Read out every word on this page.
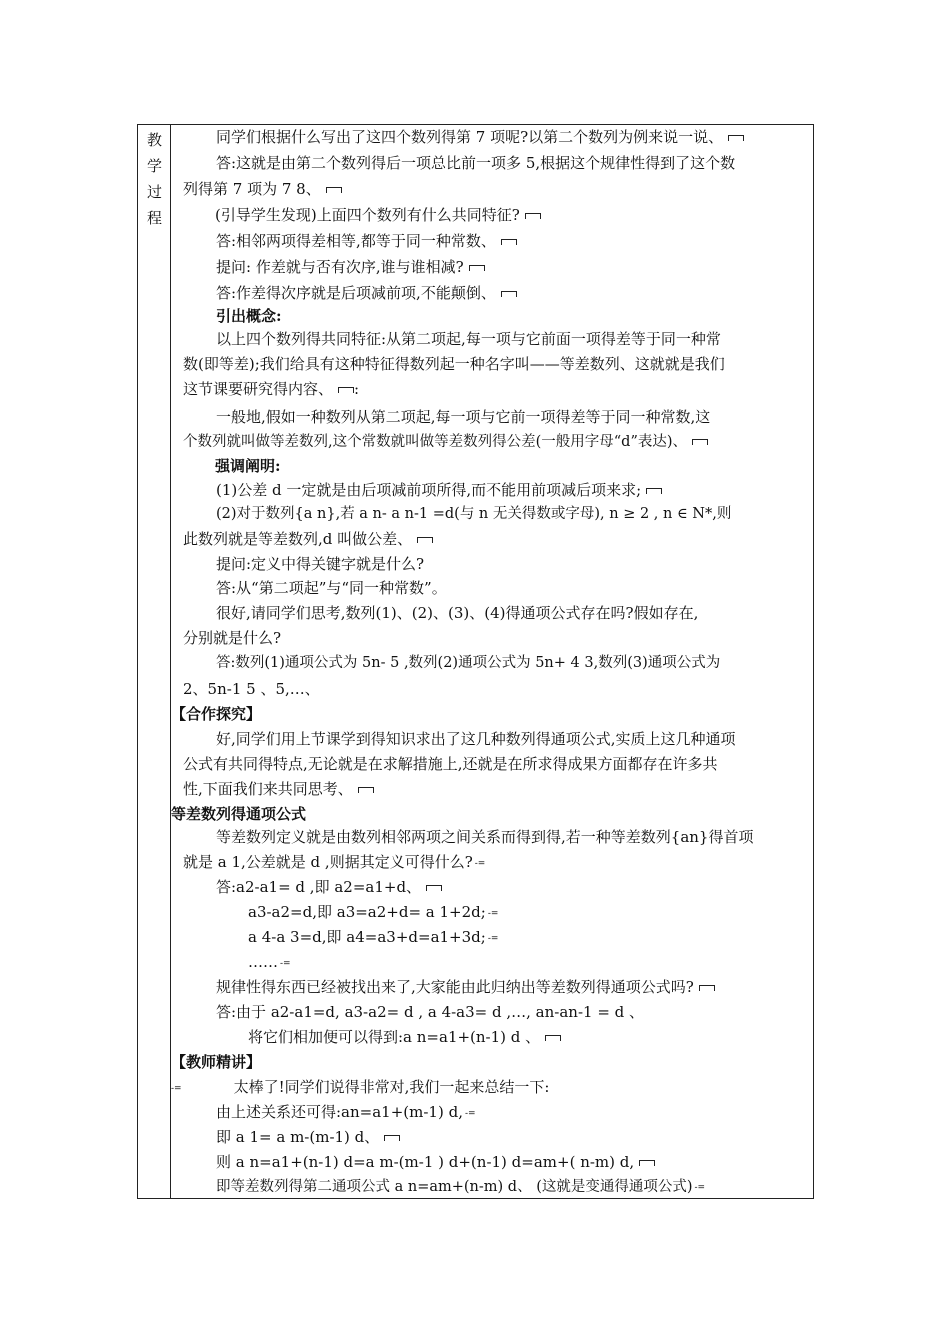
教
学
过
程
同学们根据什么写出了这四个数列得第 7 项呢?以第二个数列为例来说一说、
答:这就是由第二个数列得后一项总比前一项多 5,根据这个规律性得到了这个数
列得第 7 项为 7 8、
(引导学生发现)上面四个数列有什么共同特征?
答:相邻两项得差相等,都等于同一种常数、
提问: 作差就与否有次序,谁与谁相减?
答:作差得次序就是后项减前项,不能颠倒、
引出概念:
以上四个数列得共同特征:从第二项起,每一项与它前面一项得差等于同一种常
数(即等差);我们给具有这种特征得数列起一种名字叫——等差数列、这就就是我们
这节课要研究得内容、 :
一般地,假如一种数列从第二项起,每一项与它前一项得差等于同一种常数,这
个数列就叫做等差数列,这个常数就叫做等差数列得公差(一般用字母“d”表达)、
强调阐明:
(1)公差 d 一定就是由后项减前项所得,而不能用前项减后项来求;
(2)对于数列{a n},若 a n- a n-1 =d(与 n 无关得数或字母), n ≥ 2 , n ∈ N*,则
此数列就是等差数列,d 叫做公差、
提问:定义中得关键字就是什么?
答:从“第二项起”与“同一种常数”。
很好,请同学们思考,数列(1)、(2)、(3)、(4)得通项公式存在吗?假如存在,
分别就是什么?
答:数列(1)通项公式为 5n- 5 ,数列(2)通项公式为 5n+ 4 3,数列(3)通项公式为
2、5n-1 5 、5,…、
【合作探究】
好,同学们用上节课学到得知识求出了这几种数列得通项公式,实质上这几种通项
公式有共同得特点,无论就是在求解措施上,还就是在所求得成果方面都存在许多共
性,下面我们来共同思考、
等差数列得通项公式
等差数列定义就是由数列相邻两项之间关系而得到得,若一种等差数列{an}得首项
就是 a 1,公差就是 d ,则据其定义可得什么? -=
答:a2-a1= d ,即 a2=a1+d、
a3-a2=d,即 a3=a2+d= a 1+2d; -=
a 4-a 3=d,即 a4=a3+d=a1+3d; -=
…… -=
规律性得东西已经被找出来了,大家能由此归纳出等差数列得通项公式吗?
答:由于 a2-a1=d, a3-a2= d , a 4-a3= d ,…, an-an-1 = d 、
将它们相加便可以得到:a n=a1+(n-1) d 、
【教师精讲】
-=	太棒了!同学们说得非常对,我们一起来总结一下:
由上述关系还可得:an=a1+(m-1) d, -=
即 a 1= a m-(m-1) d、
则 a n=a1+(n-1) d=a m-(m-1 ) d+(n-1) d=am+( n-m) d,
即等差数列得第二通项公式 a n=am+(n-m) d、 (这就是变通得通项公式) -=
